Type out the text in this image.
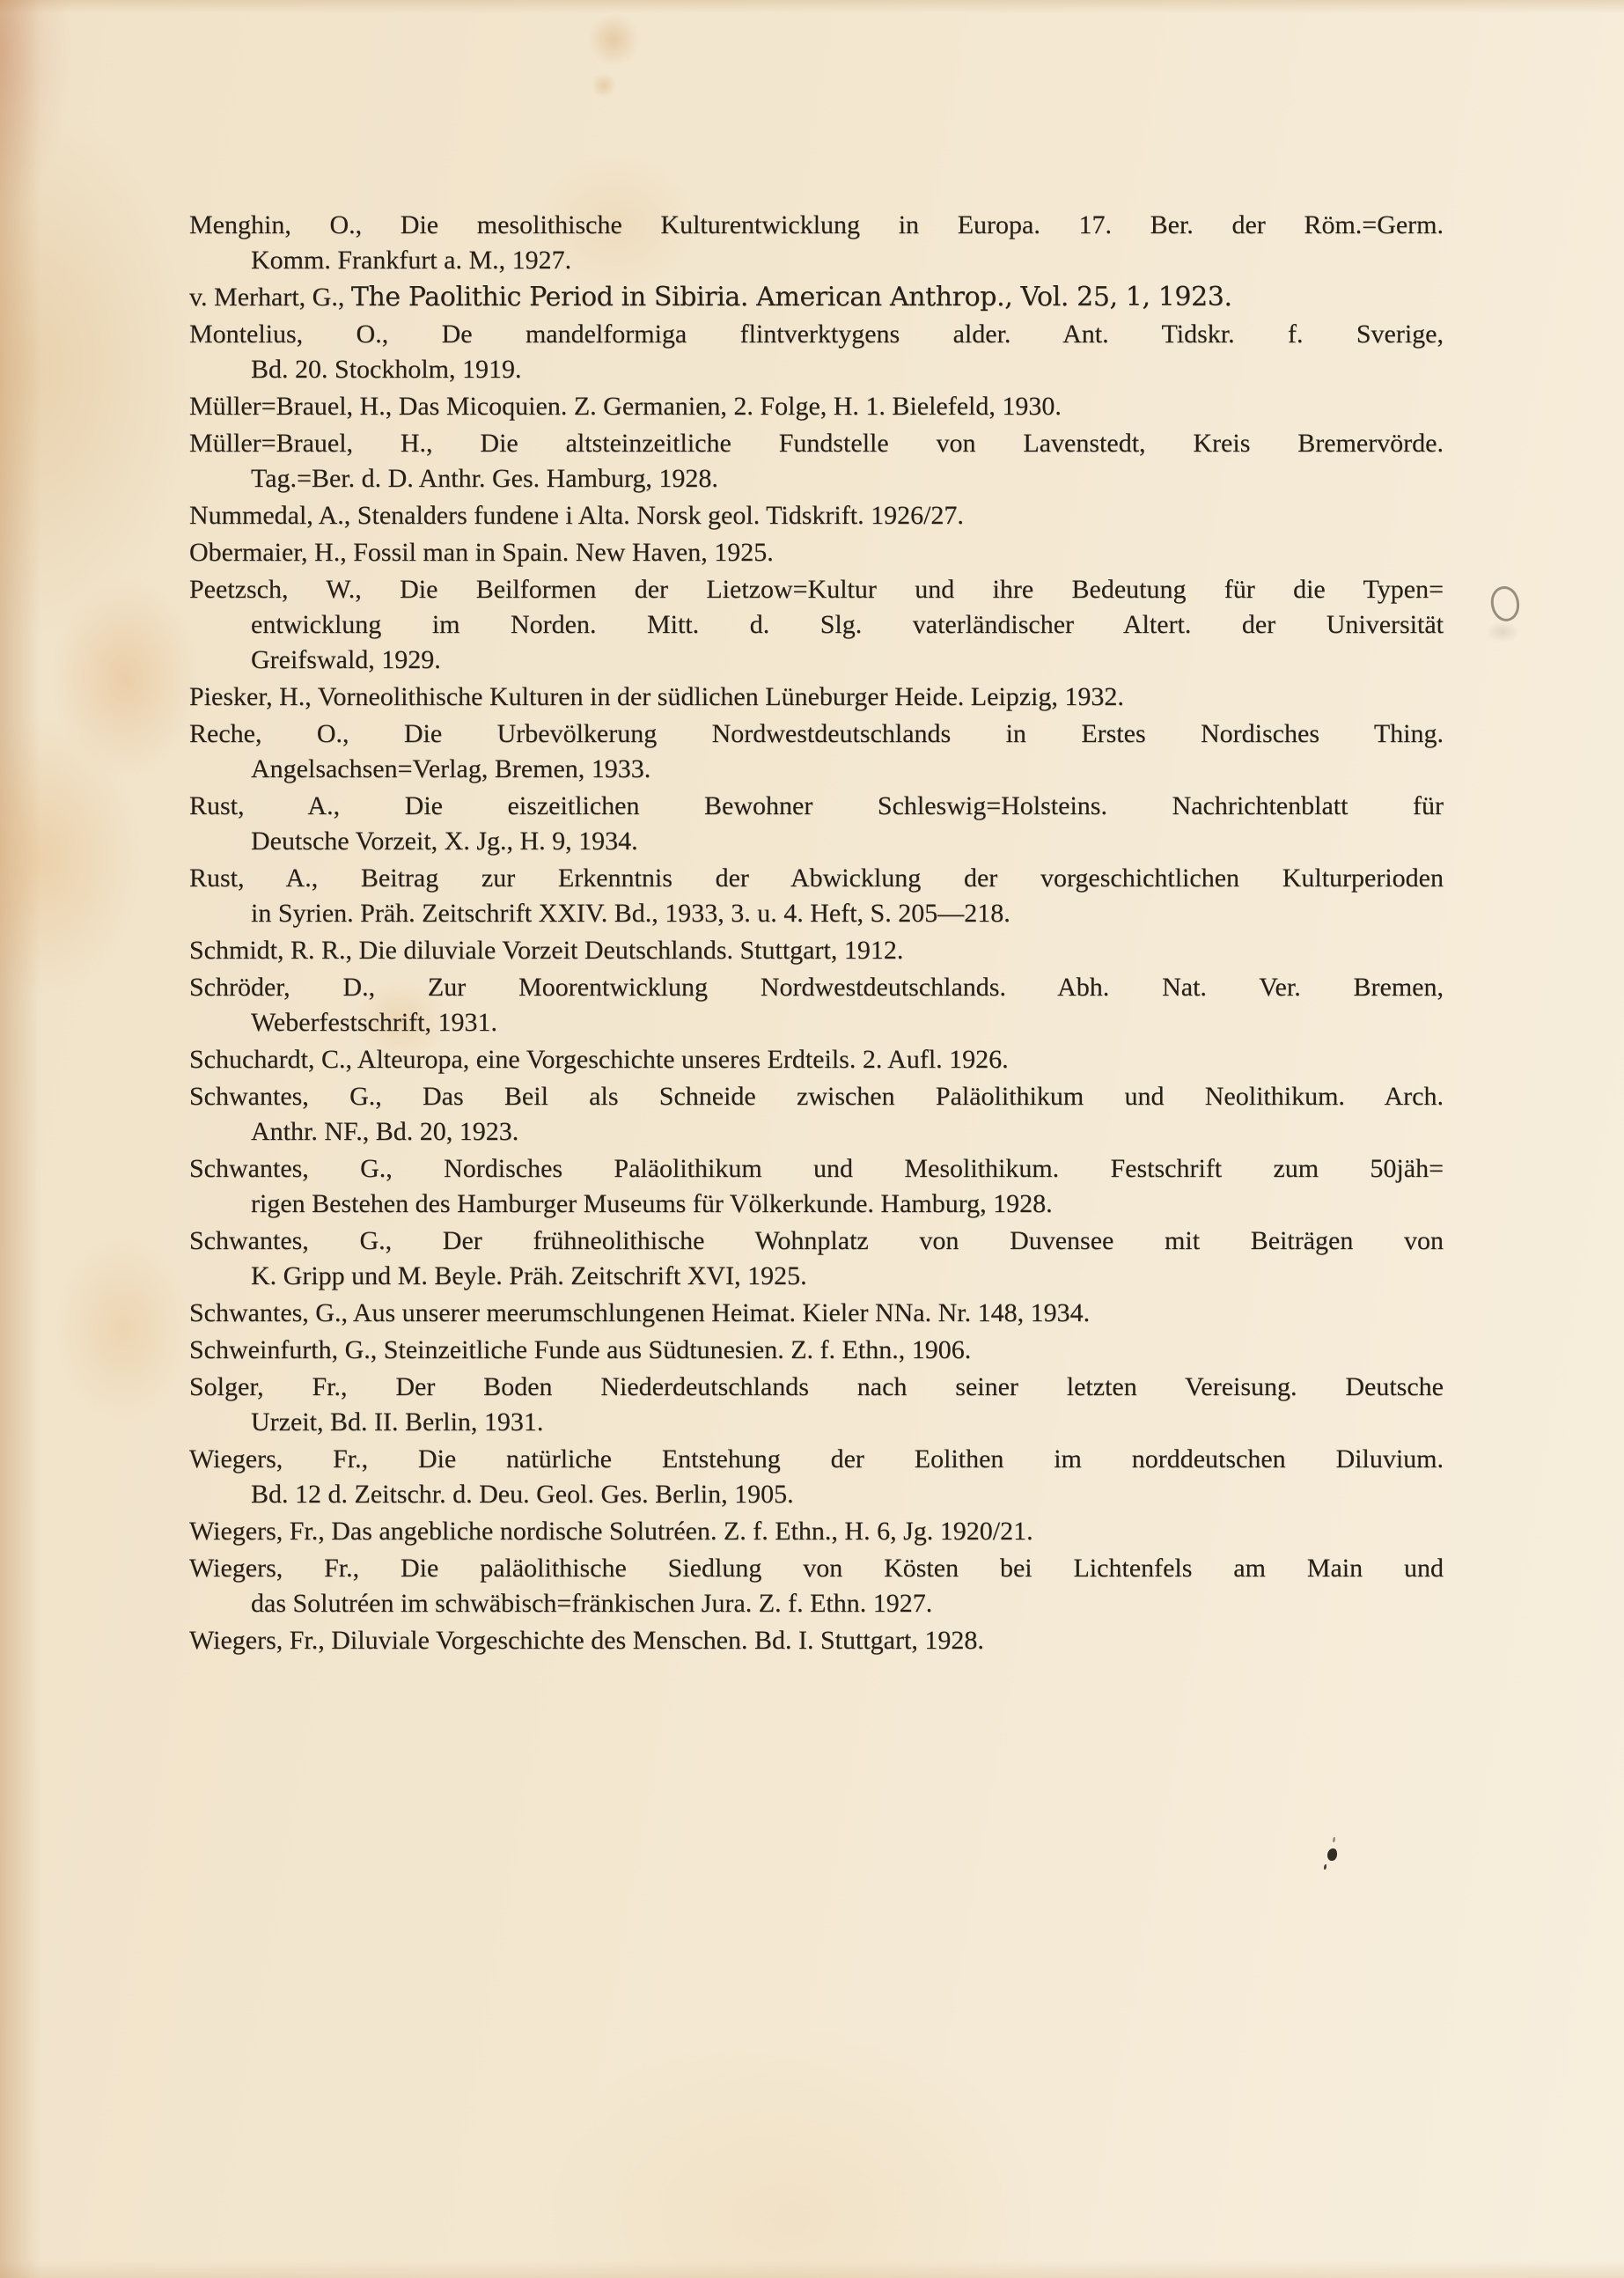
Menghin, O., Die mesolithische Kulturentwicklung in Europa. 17. Ber. der Röm.=Germ.
Komm. Frankfurt a. M., 1927.
v. Merhart, G., The Paolithic Period in Sibiria. American Anthrop., Vol. 25, 1, 1923.
Montelius, O., De mandelformiga flintverktygens alder. Ant. Tidskr. f. Sverige,
Bd. 20. Stockholm, 1919.
Müller=Brauel, H., Das Micoquien. Z. Germanien, 2. Folge, H. 1. Bielefeld, 1930.
Müller=Brauel, H., Die altsteinzeitliche Fundstelle von Lavenstedt, Kreis Bremervörde.
Tag.=Ber. d. D. Anthr. Ges. Hamburg, 1928.
Nummedal, A., Stenalders fundene i Alta. Norsk geol. Tidskrift. 1926/27.
Obermaier, H., Fossil man in Spain. New Haven, 1925.
Peetzsch, W., Die Beilformen der Lietzow=Kultur und ihre Bedeutung für die Typen=
entwicklung im Norden. Mitt. d. Slg. vaterländischer Altert. der Universität
Greifswald, 1929.
Piesker, H., Vorneolithische Kulturen in der südlichen Lüneburger Heide. Leipzig, 1932.
Reche, O., Die Urbevölkerung Nordwestdeutschlands in Erstes Nordisches Thing.
Angelsachsen=Verlag, Bremen, 1933.
Rust, A., Die eiszeitlichen Bewohner Schleswig=Holsteins. Nachrichtenblatt für
Deutsche Vorzeit, X. Jg., H. 9, 1934.
Rust, A., Beitrag zur Erkenntnis der Abwicklung der vorgeschichtlichen Kulturperioden
in Syrien. Präh. Zeitschrift XXIV. Bd., 1933, 3. u. 4. Heft, S. 205—218.
Schmidt, R. R., Die diluviale Vorzeit Deutschlands. Stuttgart, 1912.
Schröder, D., Zur Moorentwicklung Nordwestdeutschlands. Abh. Nat. Ver. Bremen,
Weberfestschrift, 1931.
Schuchardt, C., Alteuropa, eine Vorgeschichte unseres Erdteils. 2. Aufl. 1926.
Schwantes, G., Das Beil als Schneide zwischen Paläolithikum und Neolithikum. Arch.
Anthr. NF., Bd. 20, 1923.
Schwantes, G., Nordisches Paläolithikum und Mesolithikum. Festschrift zum 50jäh=
rigen Bestehen des Hamburger Museums für Völkerkunde. Hamburg, 1928.
Schwantes, G., Der frühneolithische Wohnplatz von Duvensee mit Beiträgen von
K. Gripp und M. Beyle. Präh. Zeitschrift XVI, 1925.
Schwantes, G., Aus unserer meerumschlungenen Heimat. Kieler NNa. Nr. 148, 1934.
Schweinfurth, G., Steinzeitliche Funde aus Südtunesien. Z. f. Ethn., 1906.
Solger, Fr., Der Boden Niederdeutschlands nach seiner letzten Vereisung. Deutsche
Urzeit, Bd. II. Berlin, 1931.
Wiegers, Fr., Die natürliche Entstehung der Eolithen im norddeutschen Diluvium.
Bd. 12 d. Zeitschr. d. Deu. Geol. Ges. Berlin, 1905.
Wiegers, Fr., Das angebliche nordische Solutréen. Z. f. Ethn., H. 6, Jg. 1920/21.
Wiegers, Fr., Die paläolithische Siedlung von Kösten bei Lichtenfels am Main und
das Solutréen im schwäbisch=fränkischen Jura. Z. f. Ethn. 1927.
Wiegers, Fr., Diluviale Vorgeschichte des Menschen. Bd. I. Stuttgart, 1928.
